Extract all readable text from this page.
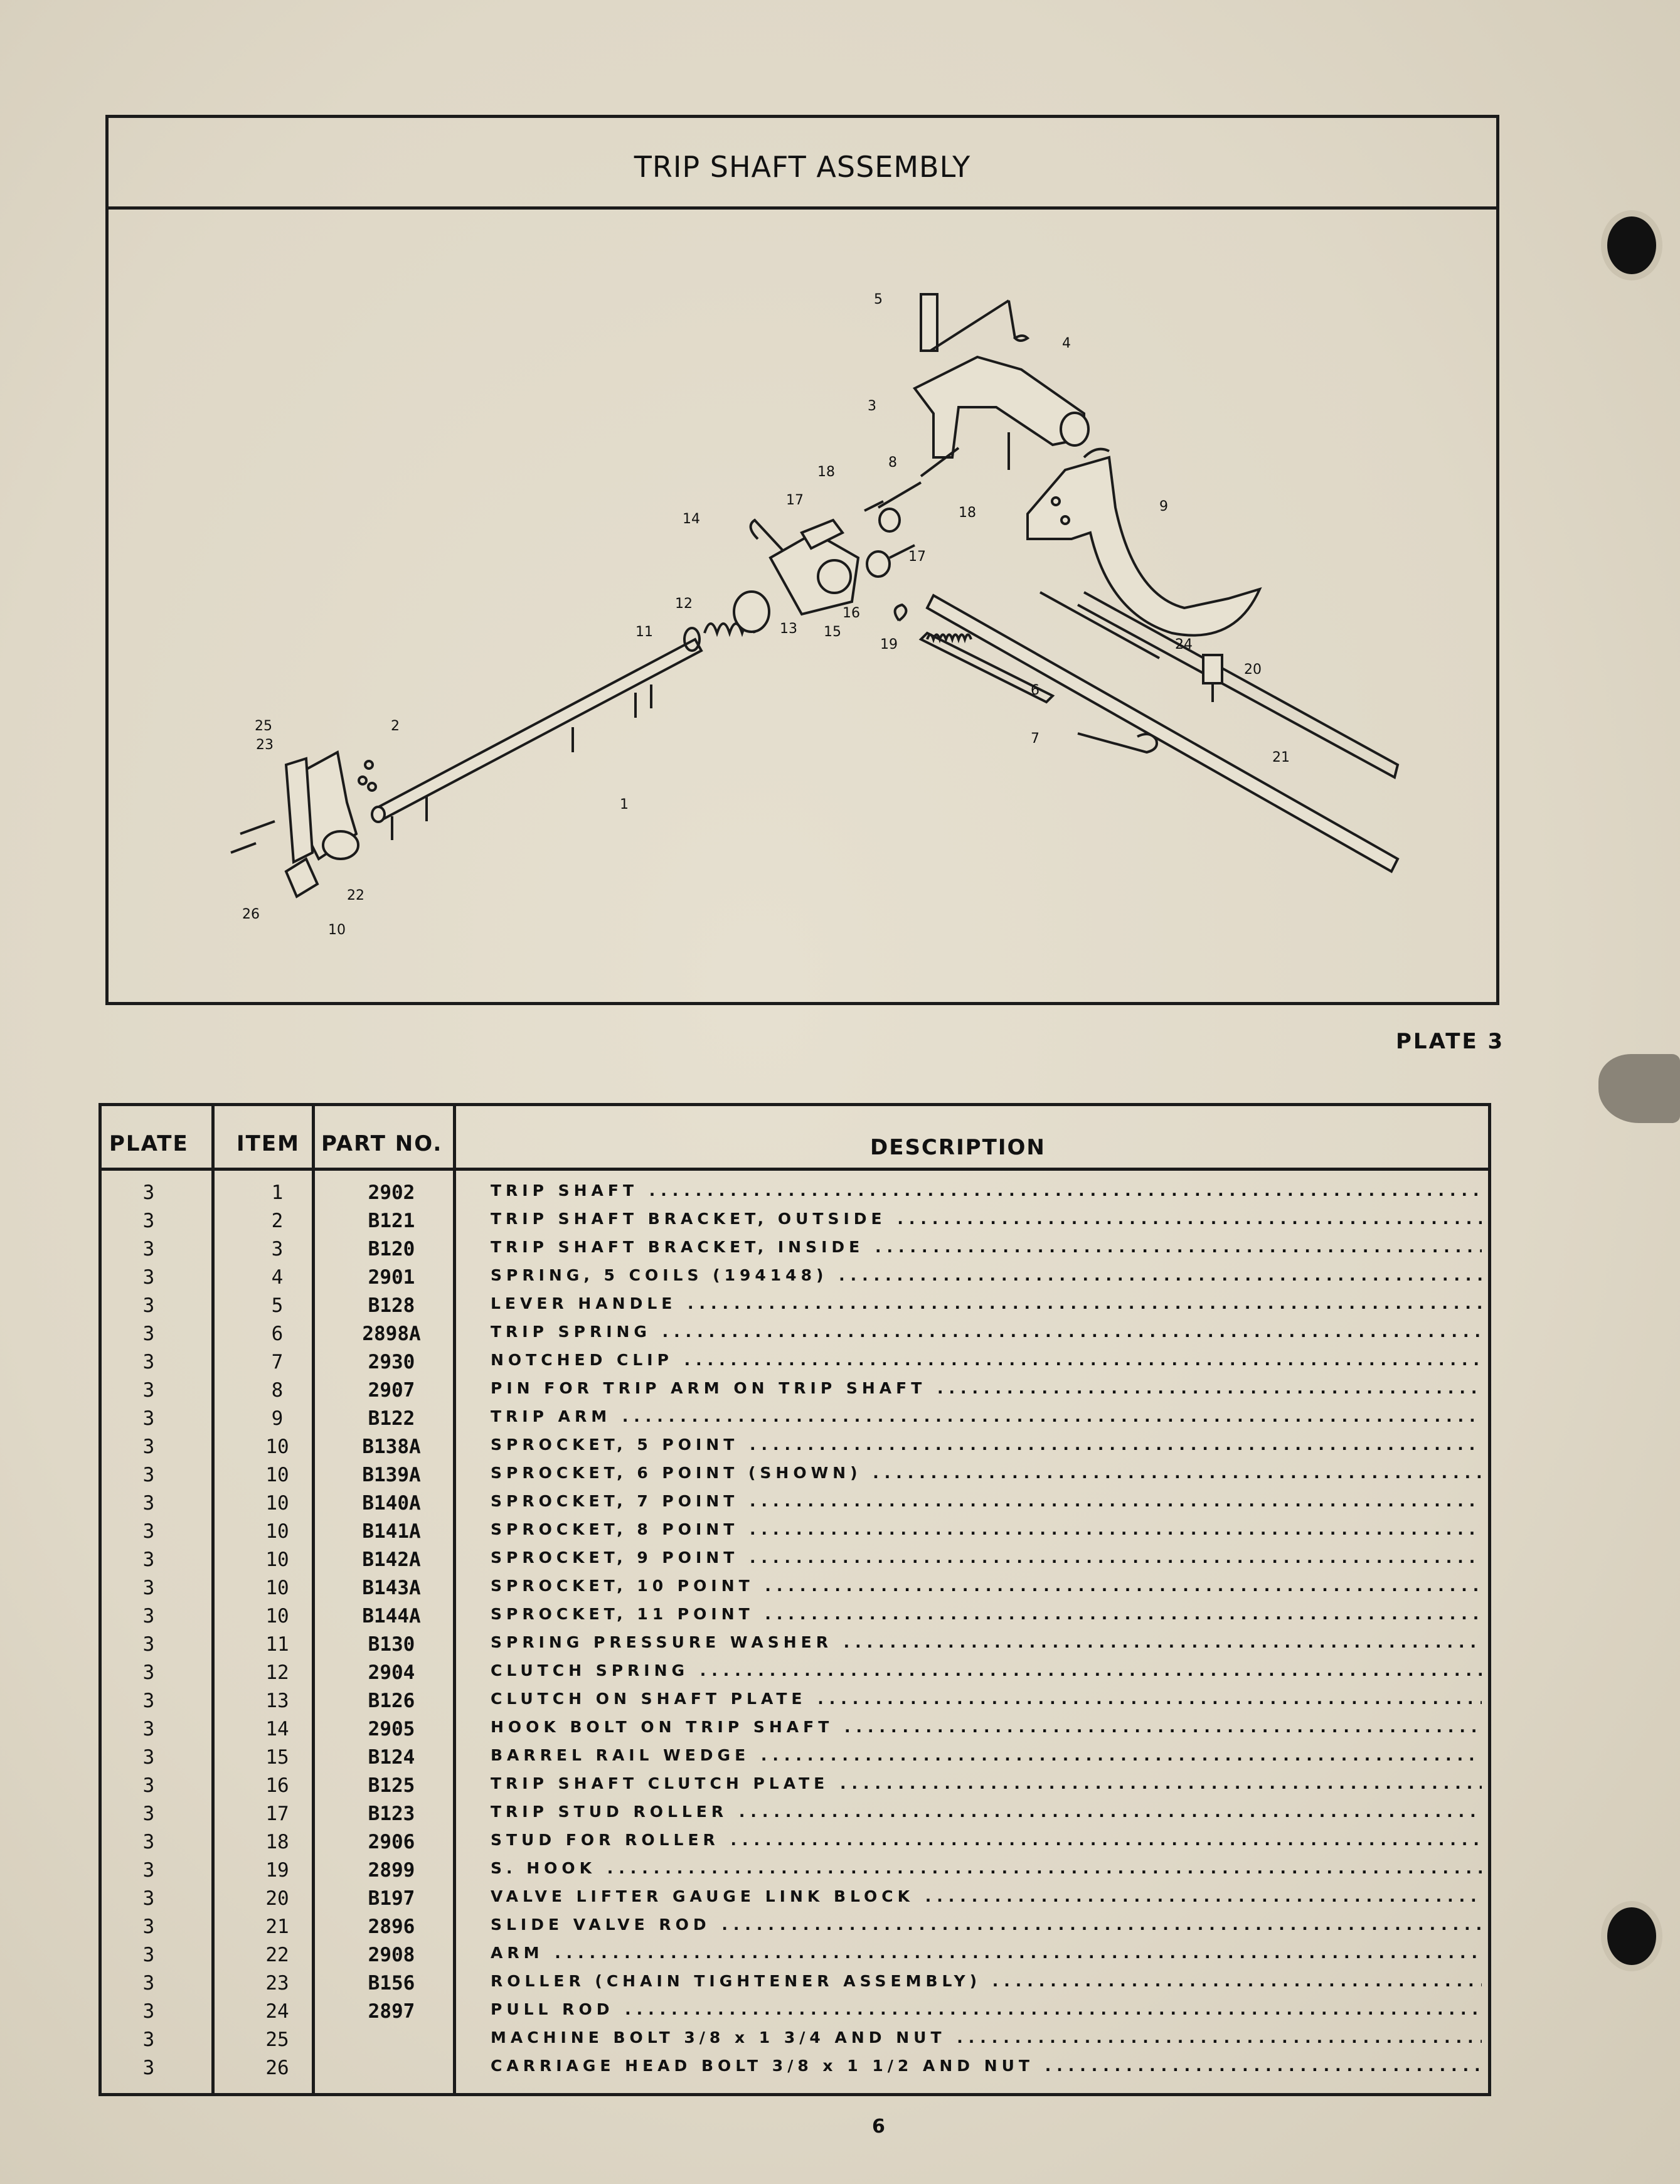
TRIP SHAFT ASSEMBLY
1
2
3
4
5
6
7
8
9
10
11
12
13
14
15
16
17
17
18
18
19
20
21
22
23
24
25
26
PLATE 3
PLATE ITEM PART NO.	DESCRIPTION
3	1	2902	TRIP SHAFT .....
3	2	B121	TRIP SHAFT BRACKET, OUTSIDE .....
3	3	B120	TRIP SHAFT BRACKET, INSIDE .....
3	4	2901	SPRING, 5 COILS (194148) .....
3	5	B128	LEVER HANDLE .....
3	6	2898A	TRIP SPRING .....
3	7	2930	NOTCHED CLIP .....
3	8	2907	PIN FOR TRIP ARM ON TRIP SHAFT .....
3	9	B122	TRIP ARM .....
3	10	B138A	SPROCKET, 5 POINT .....
3	10	B139A	SPROCKET, 6 POINT (SHOWN) .....
3	10	B140A	SPROCKET, 7 POINT .....
3	10	B141A	SPROCKET, 8 POINT .....
3	10	B142A	SPROCKET, 9 POINT .....
3	10	B143A	SPROCKET, 10 POINT .....
3	10	B144A	SPROCKET, 11 POINT .....
3	11	B130	SPRING PRESSURE WASHER .....
3	12	2904	CLUTCH SPRING .....
3	13	B126	CLUTCH ON SHAFT PLATE .....
3	14	2905	HOOK BOLT ON TRIP SHAFT .....
3	15	B124	BARREL RAIL WEDGE .....
3	16	B125	TRIP SHAFT CLUTCH PLATE .....
3	17	B123	TRIP STUD ROLLER .....
3	18	2906	STUD FOR ROLLER .....
3	19	2899	S. HOOK .....
3	20	B197	VALVE LIFTER GAUGE LINK BLOCK .....
3	21	2896	SLIDE VALVE ROD .....
3	22	2908	ARM .....
3	23	B156	ROLLER (CHAIN TIGHTENER ASSEMBLY) .....
3	24	2897	PULL ROD .....
3	25	MACHINE BOLT 3/8 x 1 3/4 AND NUT .....
3	26	CARRIAGE HEAD BOLT 3/8 x 1 1/2 AND NUT .....
6
